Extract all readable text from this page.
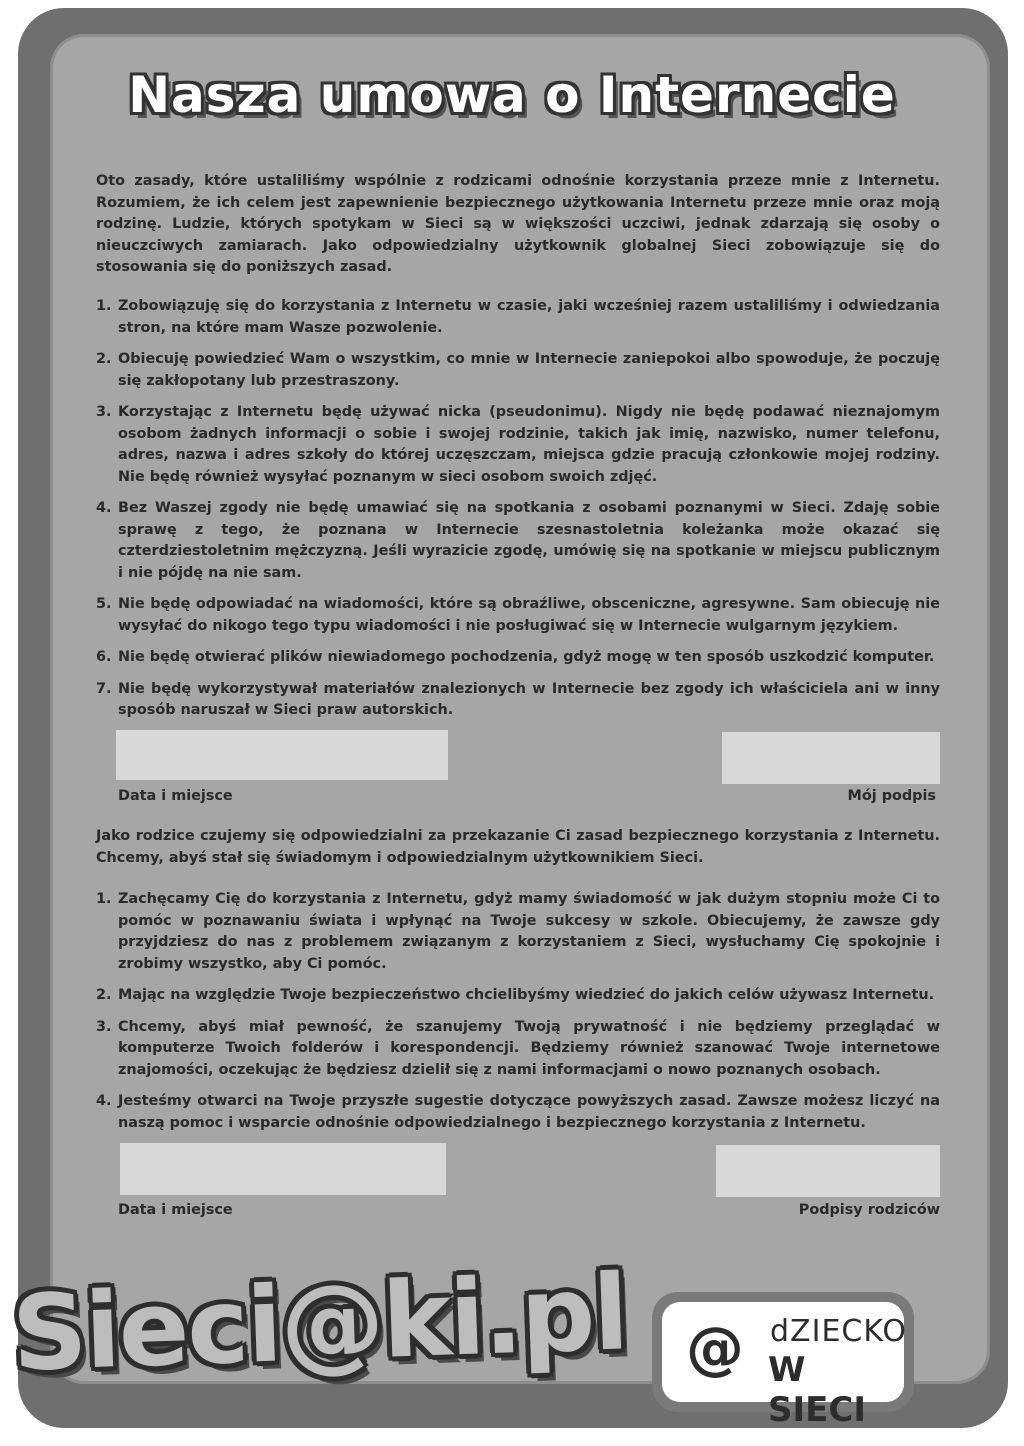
Nasza umowa o Internecie
Oto zasady, które ustaliliśmy wspólnie z rodzicami odnośnie korzystania przeze mnie z Internetu. Rozumiem, że ich celem jest zapewnienie bezpiecznego użytkowania Internetu przeze mnie oraz moją rodzinę. Ludzie, których spotykam w Sieci są w większości uczciwi, jednak zdarzają się osoby o nieuczciwych zamiarach. Jako odpowiedzialny użytkownik globalnej Sieci zobowiązuje się do stosowania się do poniższych zasad.
1. Zobowiązuję się do korzystania z Internetu w czasie, jaki wcześniej razem ustaliliśmy i odwiedzania stron, na które mam Wasze pozwolenie.
2. Obiecuję powiedzieć Wam o wszystkim, co mnie w Internecie zaniepokoi albo spowoduje, że poczuję się zakłopotany lub przestraszony.
3. Korzystając z Internetu będę używać nicka (pseudonimu). Nigdy nie będę podawać nieznajomym osobom żadnych informacji o sobie i swojej rodzinie, takich jak imię, nazwisko, numer telefonu, adres, nazwa i adres szkoły do której uczęszczam, miejsca gdzie pracują członkowie mojej rodziny. Nie będę również wysyłać poznanym w sieci osobom swoich zdjęć.
4. Bez Waszej zgody nie będę umawiać się na spotkania z osobami poznanymi w Sieci. Zdaję sobie sprawę z tego, że poznana w Internecie szesnastoletnia koleżanka może okazać się czterdziestoletnim mężczyzną. Jeśli wyrazicie zgodę, umówię się na spotkanie w miejscu publicznym i nie pójdę na nie sam.
5. Nie będę odpowiadać na wiadomości, które są obraźliwe, obsceniczne, agresywne. Sam obiecuję nie wysyłać do nikogo tego typu wiadomości i nie posługiwać się w Internecie wulgarnym językiem.
6. Nie będę otwierać plików niewiadomego pochodzenia, gdyż mogę w ten sposób uszkodzić komputer.
7. Nie będę wykorzystywał materiałów znalezionych w Internecie bez zgody ich właściciela ani w inny sposób naruszał w Sieci praw autorskich.
Data i miejsce	Mój podpis
Jako rodzice czujemy się odpowiedzialni za przekazanie Ci zasad bezpiecznego korzystania z Internetu. Chcemy, abyś stał się świadomym i odpowiedzialnym użytkownikiem Sieci.
1. Zachęcamy Cię do korzystania z Internetu, gdyż mamy świadomość w jak dużym stopniu może Ci to pomóc w poznawaniu świata i wpłynąć na Twoje sukcesy w szkole. Obiecujemy, że zawsze gdy przyjdziesz do nas z problemem związanym z korzystaniem z Sieci, wysłuchamy Cię spokojnie i zrobimy wszystko, aby Ci pomóc.
2. Mając na względzie Twoje bezpieczeństwo chcielibyśmy wiedzieć do jakich celów używasz Internetu.
3. Chcemy, abyś miał pewność, że szanujemy Twoją prywatność i nie będziemy przeglądać w komputerze Twoich folderów i korespondencji. Będziemy również szanować Twoje internetowe znajomości, oczekując że będziesz dzielił się z nami informacjami o nowo poznanych osobach.
4. Jesteśmy otwarci na Twoje przyszłe sugestie dotyczące powyższych zasad. Zawsze możesz liczyć na naszą pomoc i wsparcie odnośnie odpowiedzialnego i bezpiecznego korzystania z Internetu.
Data i miejsce	Podpisy rodziców
Sieci@ki.pl @ dZIECKO
W SIECI
